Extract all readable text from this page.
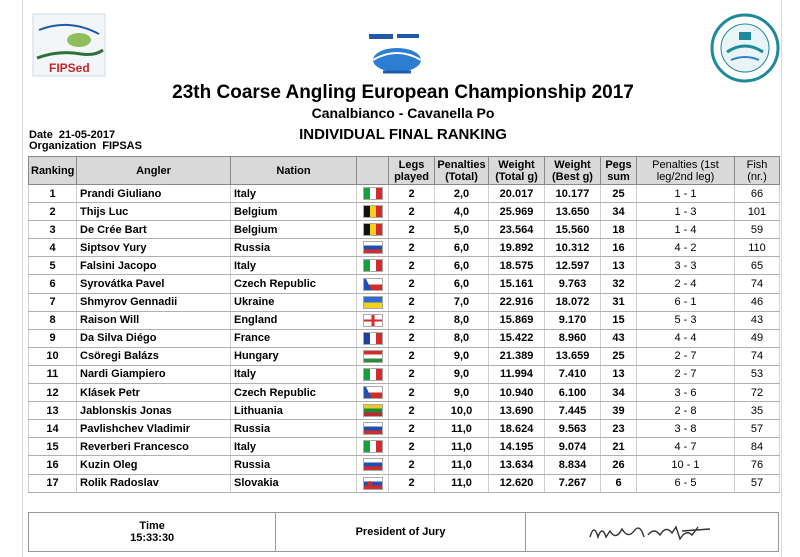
FIPSed
23th Coarse Angling European Championship 2017
Canalbianco - Cavanella Po
Date 21-05-2017
Organization FIPSAS
INDIVIDUAL FINAL RANKING
Ranking	Angler	Nation		Legs played	Penalties (Total)	Weight (Total g)	Weight (Best g)	Pegs sum	Penalties (1st leg/2nd leg)	Fish (nr.)
1	Prandi Giuliano	Italy		2	2,0	20.017	10.177	25	1 - 1	66
2	Thijs Luc	Belgium		2	4,0	25.969	13.650	34	1 - 3	101
3	De Crée Bart	Belgium		2	5,0	23.564	15.560	18	1 - 4	59
4	Siptsov Yury	Russia		2	6,0	19.892	10.312	16	4 - 2	110
5	Falsini Jacopo	Italy		2	6,0	18.575	12.597	13	3 - 3	65
6	Syrovátka Pavel	Czech Republic		2	6,0	15.161	9.763	32	2 - 4	74
7	Shmyrov Gennadii	Ukraine		2	7,0	22.916	18.072	31	6 - 1	46
8	Raison Will	England		2	8,0	15.869	9.170	15	5 - 3	43
9	Da Silva Diégo	France		2	8,0	15.422	8.960	43	4 - 4	49
10	Csöregi Balázs	Hungary		2	9,0	21.389	13.659	25	2 - 7	74
11	Nardi Giampiero	Italy		2	9,0	11.994	7.410	13	2 - 7	53
12	Klásek Petr	Czech Republic		2	9,0	10.940	6.100	34	3 - 6	72
13	Jablonskis Jonas	Lithuania		2	10,0	13.690	7.445	39	2 - 8	35
14	Pavlishchev Vladimir	Russia		2	11,0	18.624	9.563	23	3 - 8	57
15	Reverberi Francesco	Italy		2	11,0	14.195	9.074	21	4 - 7	84
16	Kuzin Oleg	Russia		2	11,0	13.634	8.834	26	10 - 1	76
17	Rolik Radoslav	Slovakia		2	11,0	12.620	7.267	6	6 - 5	57
Time
15:33:30	President of Jury
